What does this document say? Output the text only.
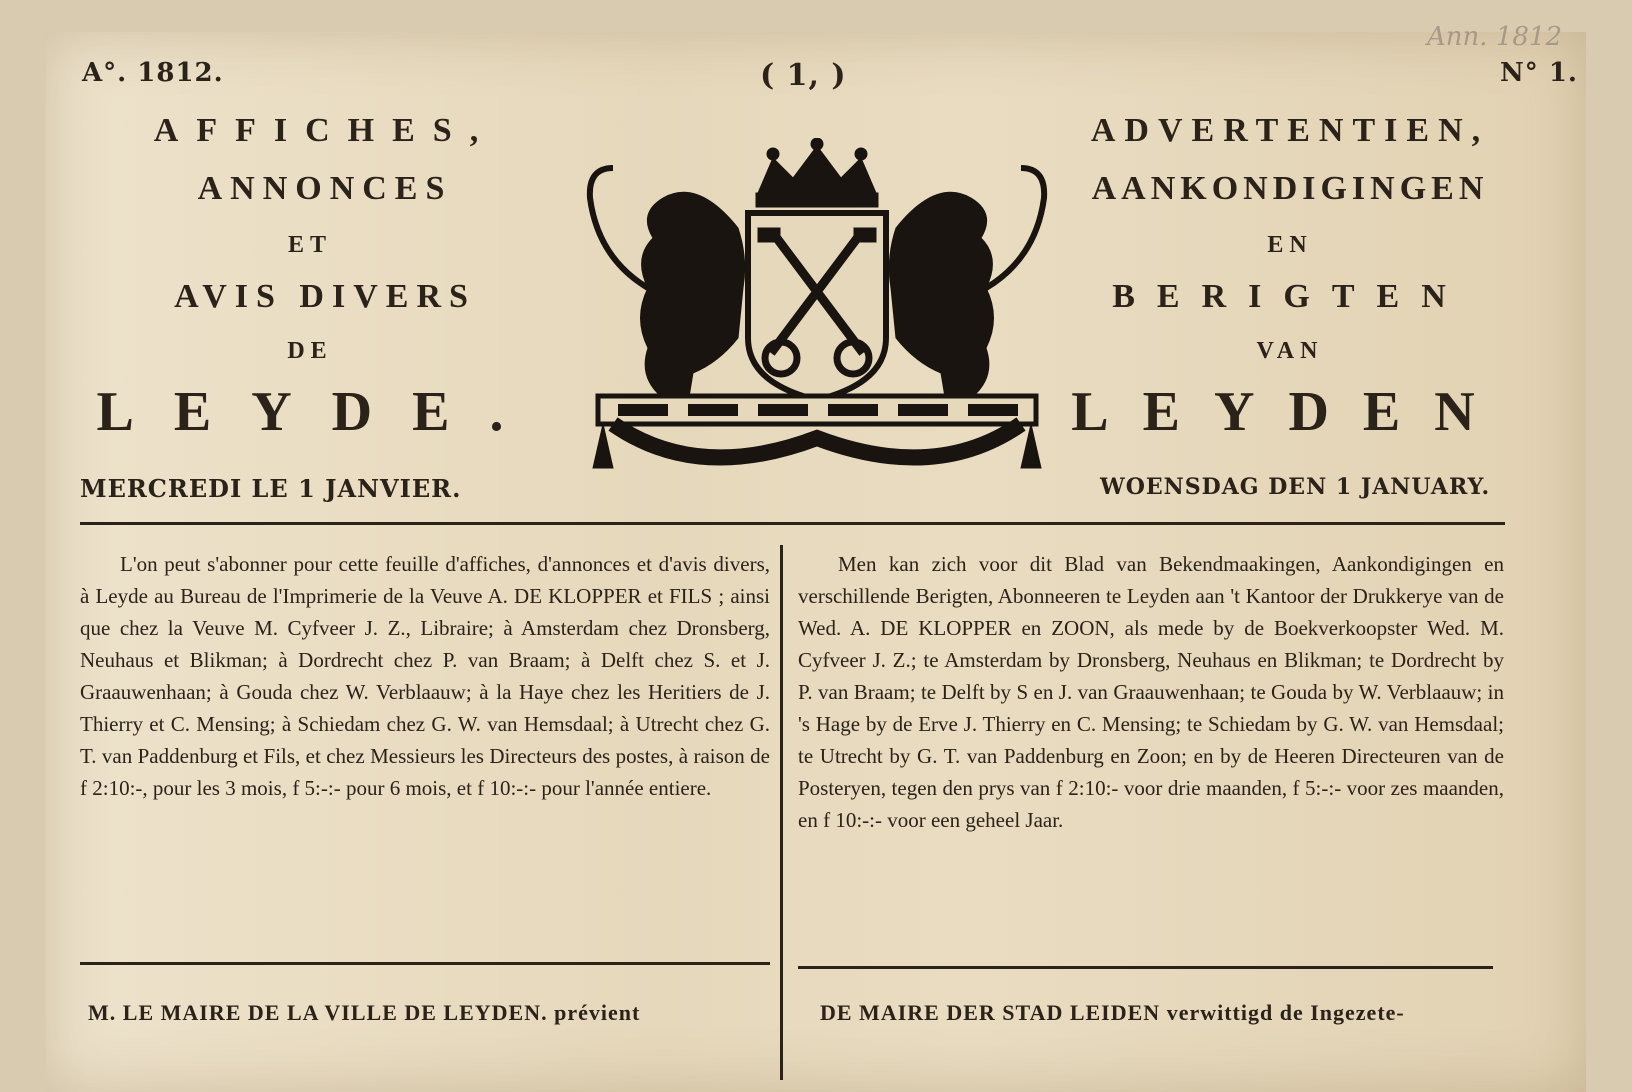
A°. 1812.	( 1, )	N° 1.
Ann. 1812
AFFICHES,
ANNONCES
ET
AVIS DIVERS
DE
LEYDE.
MERCREDI LE 1 JANVIER.
ADVERTENTIEN,
AANKONDIGINGEN
EN
BERIGTEN
VAN
LEYDEN
WOENSDAG DEN 1 JANUARY.

L'on peut s'abonner pour cette feuille d'affiches, d'annonces et d'avis divers, à Leyde au Bureau de l'Imprimerie de la Veuve A. DE KLOPPER et FILS ; ainsi que chez la Veuve M. Cyfveer J. Z., Libraire; à Amsterdam chez Dronsberg, Neuhaus et Blikman; à Dordrecht chez P. van Braam; à Delft chez S. et J. Graauwenhaan; à Gouda chez W. Verblaauw; à la Haye chez les Heritiers de J. Thierry et C. Mensing; à Schiedam chez G. W. van Hemsdaal; à Utrecht chez G. T. van Paddenburg et Fils, et chez Messieurs les Directeurs des postes, à raison de f 2:10:-, pour les 3 mois, f 5:-:- pour 6 mois, et f 10:-:- pour l'année entiere.

Men kan zich voor dit Blad van Bekendmaakingen, Aankondigingen en verschillende Berigten, Abonneeren te Leyden aan 't Kantoor der Drukkerye van de Wed. A. DE KLOPPER en ZOON, als mede by de Boekverkoopster Wed. M. Cyfveer J. Z.; te Amsterdam by Dronsberg, Neuhaus en Blikman; te Dordrecht by P. van Braam; te Delft by S en J. van Graauwenhaan; te Gouda by W. Verblaauw; in 's Hage by de Erve J. Thierry en C. Mensing; te Schiedam by G. W. van Hemsdaal; te Utrecht by G. T. van Paddenburg en Zoon; en by de Heeren Directeuren van de Posteryen, tegen den prys van f 2:10:- voor drie maanden, f 5:-:- voor zes maanden, en f 10:-:- voor een geheel Jaar.

M. LE MAIRE DE LA VILLE DE LEYDEN. prévient	DE MAIRE DER STAD LEIDEN verwittigd de Ingezete-
